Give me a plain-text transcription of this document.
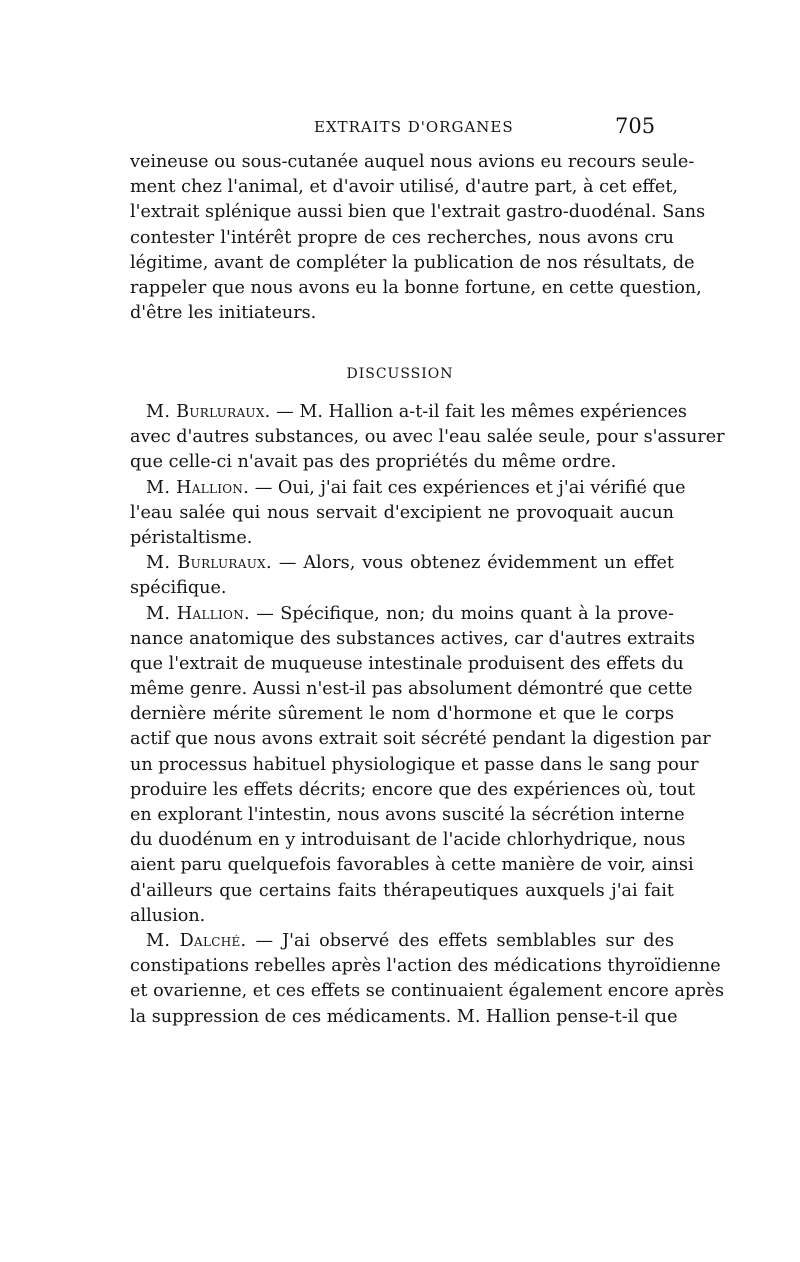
EXTRAITS D'ORGANES	705
veineuse ou sous-cutanée auquel nous avions eu recours seule-
ment chez l'animal, et d'avoir utilisé, d'autre part, à cet effet,
l'extrait splénique aussi bien que l'extrait gastro-duodénal. Sans
contester l'intérêt propre de ces recherches, nous avons cru
légitime, avant de compléter la publication de nos résultats, de
rappeler que nous avons eu la bonne fortune, en cette question,
d'être les initiateurs.
DISCUSSION
M. Burluraux. — M. Hallion a-t-il fait les mêmes expériences
avec d'autres substances, ou avec l'eau salée seule, pour s'assurer
que celle-ci n'avait pas des propriétés du même ordre.
M. Hallion. — Oui, j'ai fait ces expériences et j'ai vérifié que
l'eau salée qui nous servait d'excipient ne provoquait aucun
péristaltisme.
M. Burluraux. — Alors, vous obtenez évidemment un effet
spécifique.
M. Hallion. — Spécifique, non; du moins quant à la prove-
nance anatomique des substances actives, car d'autres extraits
que l'extrait de muqueuse intestinale produisent des effets du
même genre. Aussi n'est-il pas absolument démontré que cette
dernière mérite sûrement le nom d'hormone et que le corps
actif que nous avons extrait soit sécrété pendant la digestion par
un processus habituel physiologique et passe dans le sang pour
produire les effets décrits; encore que des expériences où, tout
en explorant l'intestin, nous avons suscité la sécrétion interne
du duodénum en y introduisant de l'acide chlorhydrique, nous
aient paru quelquefois favorables à cette manière de voir, ainsi
d'ailleurs que certains faits thérapeutiques auxquels j'ai fait
allusion.
M. Dalché. — J'ai observé des effets semblables sur des
constipations rebelles après l'action des médications thyroïdienne
et ovarienne, et ces effets se continuaient également encore après
la suppression de ces médicaments. M. Hallion pense-t-il que
